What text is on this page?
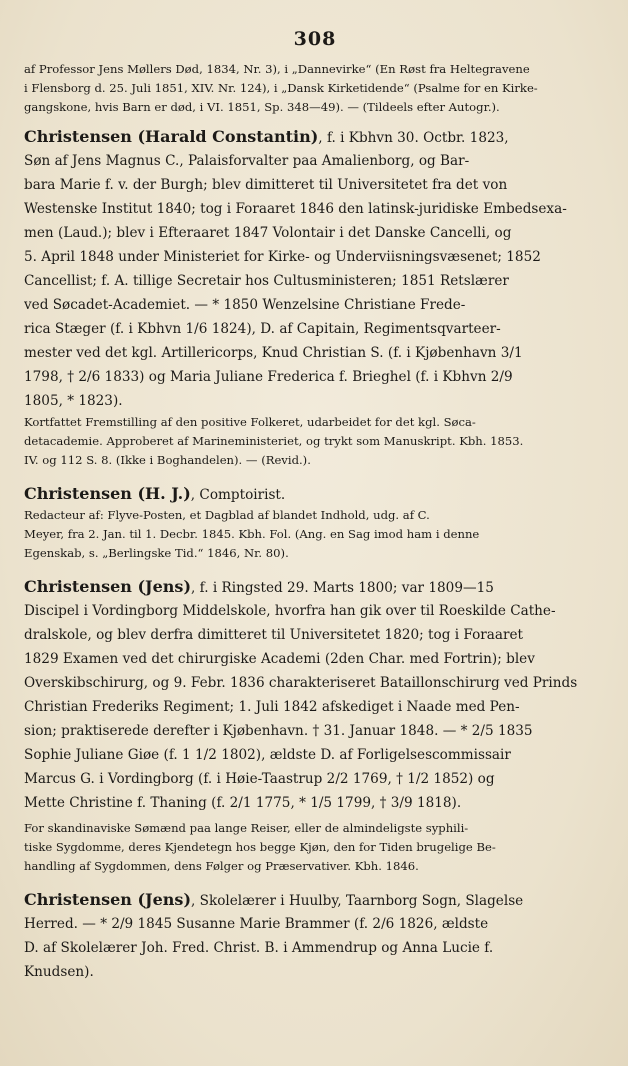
308
af Professor Jens Møllers Død, 1834, Nr. 3), i „Dannevirke“ (En Røst fra Heltegravene
i Flensborg d. 25. Juli 1851, XIV. Nr. 124), i „Dansk Kirketidende“ (Psalme for en Kirke-
gangskone, hvis Barn er død, i VI. 1851, Sp. 348—49). — (Tildeels efter Autogr.).
Christensen (Harald Constantin), f. i Kbhvn 30. Octbr. 1823,
Søn af Jens Magnus C., Palaisforvalter paa Amalienborg, og Bar-
bara Marie f. v. der Burgh; blev dimitteret til Universitetet fra det von
Westenske Institut 1840; tog i Foraaret 1846 den latinsk-juridiske Embedsexa-
men (Laud.); blev i Efteraaret 1847 Volontair i det Danske Cancelli, og
5. April 1848 under Ministeriet for Kirke- og Underviisningsvæsenet; 1852
Cancellist; f. A. tillige Secretair hos Cultusministeren; 1851 Retslærer
ved Søcadet-Academiet. — * 1850 Wenzelsine Christiane Frede-
rica Stæger (f. i Kbhvn 1/6 1824), D. af Capitain, Regimentsqvarteer-
mester ved det kgl. Artillericorps, Knud Christian S. (f. i Kjøbenhavn 3/1
1798, † 2/6 1833) og Maria Juliane Frederica f. Brieghel (f. i Kbhvn 2/9
1805, * 1823).
Kortfattet Fremstilling af den positive Folkeret, udarbeidet for det kgl. Søca-
detacademie. Approberet af Marineministeriet, og trykt som Manuskript. Kbh. 1853.
IV. og 112 S. 8. (Ikke i Boghandelen). — (Revid.).
Christensen (H. J.), Comptoirist.
Redacteur af: Flyve-Posten, et Dagblad af blandet Indhold, udg. af C.
Meyer, fra 2. Jan. til 1. Decbr. 1845. Kbh. Fol. (Ang. en Sag imod ham i denne
Egenskab, s. „Berlingske Tid.“ 1846, Nr. 80).
Christensen (Jens), f. i Ringsted 29. Marts 1800; var 1809—15
Discipel i Vordingborg Middelskole, hvorfra han gik over til Roeskilde Cathe-
dralskole, og blev derfra dimitteret til Universitetet 1820; tog i Foraaret
1829 Examen ved det chirurgiske Academi (2den Char. med Fortrin); blev
Overskibschirurg, og 9. Febr. 1836 charakteriseret Bataillonschirurg ved Prinds
Christian Frederiks Regiment; 1. Juli 1842 afskediget i Naade med Pen-
sion; praktiserede derefter i Kjøbenhavn. † 31. Januar 1848. — * 2/5 1835
Sophie Juliane Giøe (f. 1 1/2 1802), ældste D. af Forligelsescommissair
Marcus G. i Vordingborg (f. i Høie-Taastrup 2/2 1769, † 1/2 1852) og
Mette Christine f. Thaning (f. 2/1 1775, * 1/5 1799, † 3/9 1818).
For skandinaviske Sømænd paa lange Reiser, eller de almindeligste syphili-
tiske Sygdomme, deres Kjendetegn hos begge Kjøn, den for Tiden brugelige Be-
handling af Sygdommen, dens Følger og Præservativer. Kbh. 1846.
Christensen (Jens), Skolelærer i Huulby, Taarnborg Sogn, Slagelse
Herred. — * 2/9 1845 Susanne Marie Brammer (f. 2/6 1826, ældste
D. af Skolelærer Joh. Fred. Christ. B. i Ammendrup og Anna Lucie f.
Knudsen).
